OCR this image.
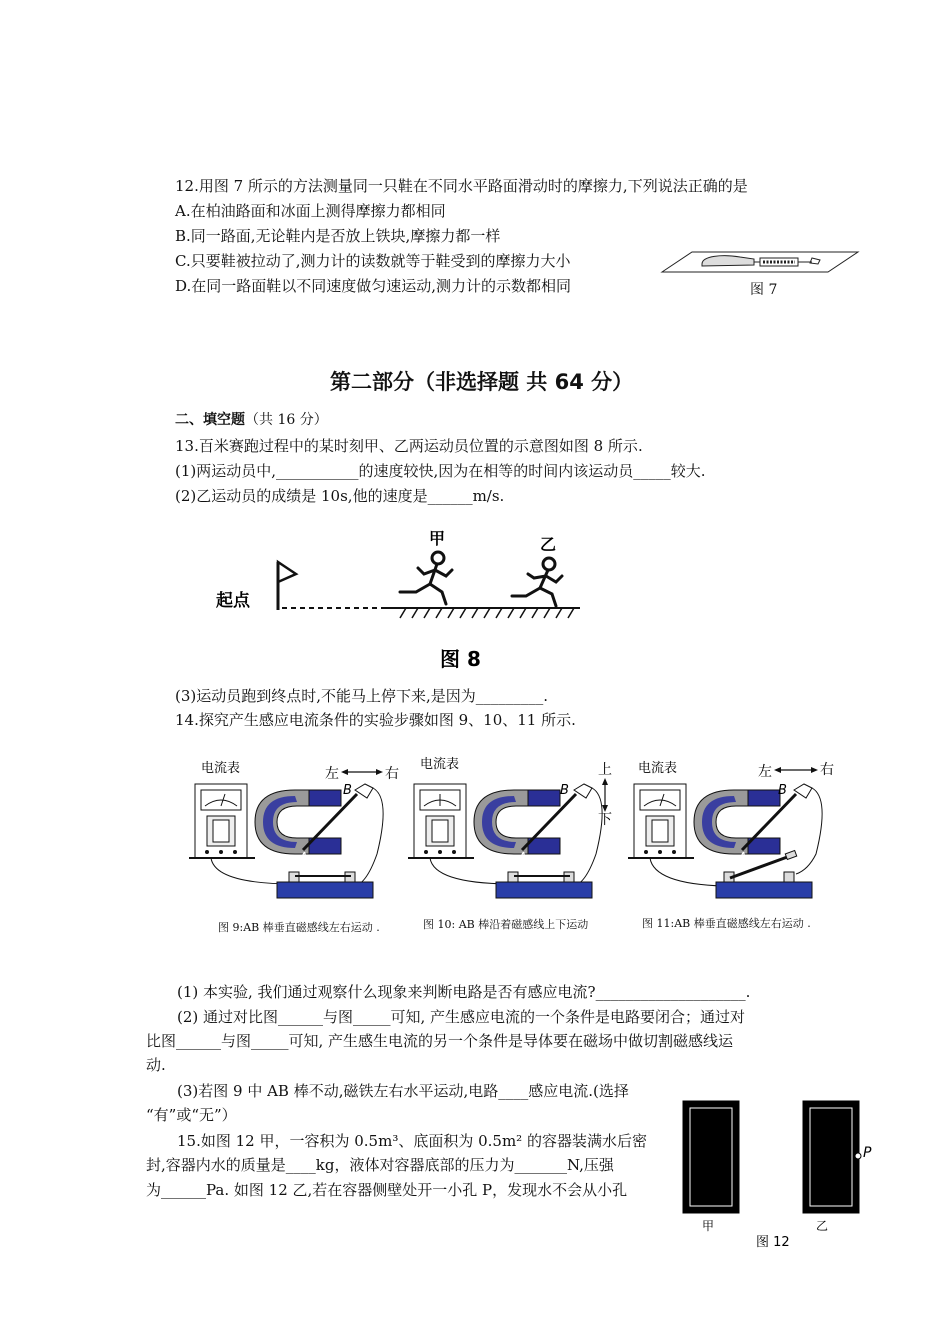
12.用图 7 所示的方法测量同一只鞋在不同水平路面滑动时的摩擦力,下列说法正确的是
A.在柏油路面和冰面上测得摩擦力都相同
B.同一路面,无论鞋内是否放上铁块,摩擦力都一样
C.只要鞋被拉动了,测力计的读数就等于鞋受到的摩擦力大小
D.在同一路面鞋以不同速度做匀速运动,测力计的示数都相同	图 7
第二部分（非选择题 共 64 分）
二、填空题（共 16 分）
13.百米赛跑过程中的某时刻甲、乙两运动员位置的示意图如图 8 所示.
(1)两运动员中,___________的速度较快,因为在相等的时间内该运动员_____较大.
(2)乙运动员的成绩是 10s,他的速度是______m/s.
起点
甲	乙
图 8
(3)运动员跑到终点时,不能马上停下来,是因为_________.
14.探究产生感应电流条件的实验步骤如图 9、10、11 所示.
电流表	左	右
A
B
图 9:AB 棒垂直磁感线左右运动 .
电流表	上
下
A
B
图 10: AB 棒沿着磁感线上下运动
电流表	左	右
A
B
图 11:AB 棒垂直磁感线左右运动 .
(1) 本实验, 我们通过观察什么现象来判断电路是否有感应电流?____________________.
(2) 通过对比图______与图_____可知, 产生感应电流的一个条件是电路要闭合；通过对
比图______与图_____可知, 产生感生电流的另一个条件是导体要在磁场中做切割磁感线运
动.
(3)若图 9 中 AB 棒不动,磁铁左右水平运动,电路____感应电流.(选择
“有”或“无”）
15.如图 12 甲，一容积为 0.5m³、底面积为 0.5m² 的容器装满水后密
封,容器内水的质量是____kg，液体对容器底部的压力为_______N,压强
为______Pa. 如图 12 乙,若在容器侧壁处开一小孔 P，发现水不会从小孔
P
甲	乙
图 12
